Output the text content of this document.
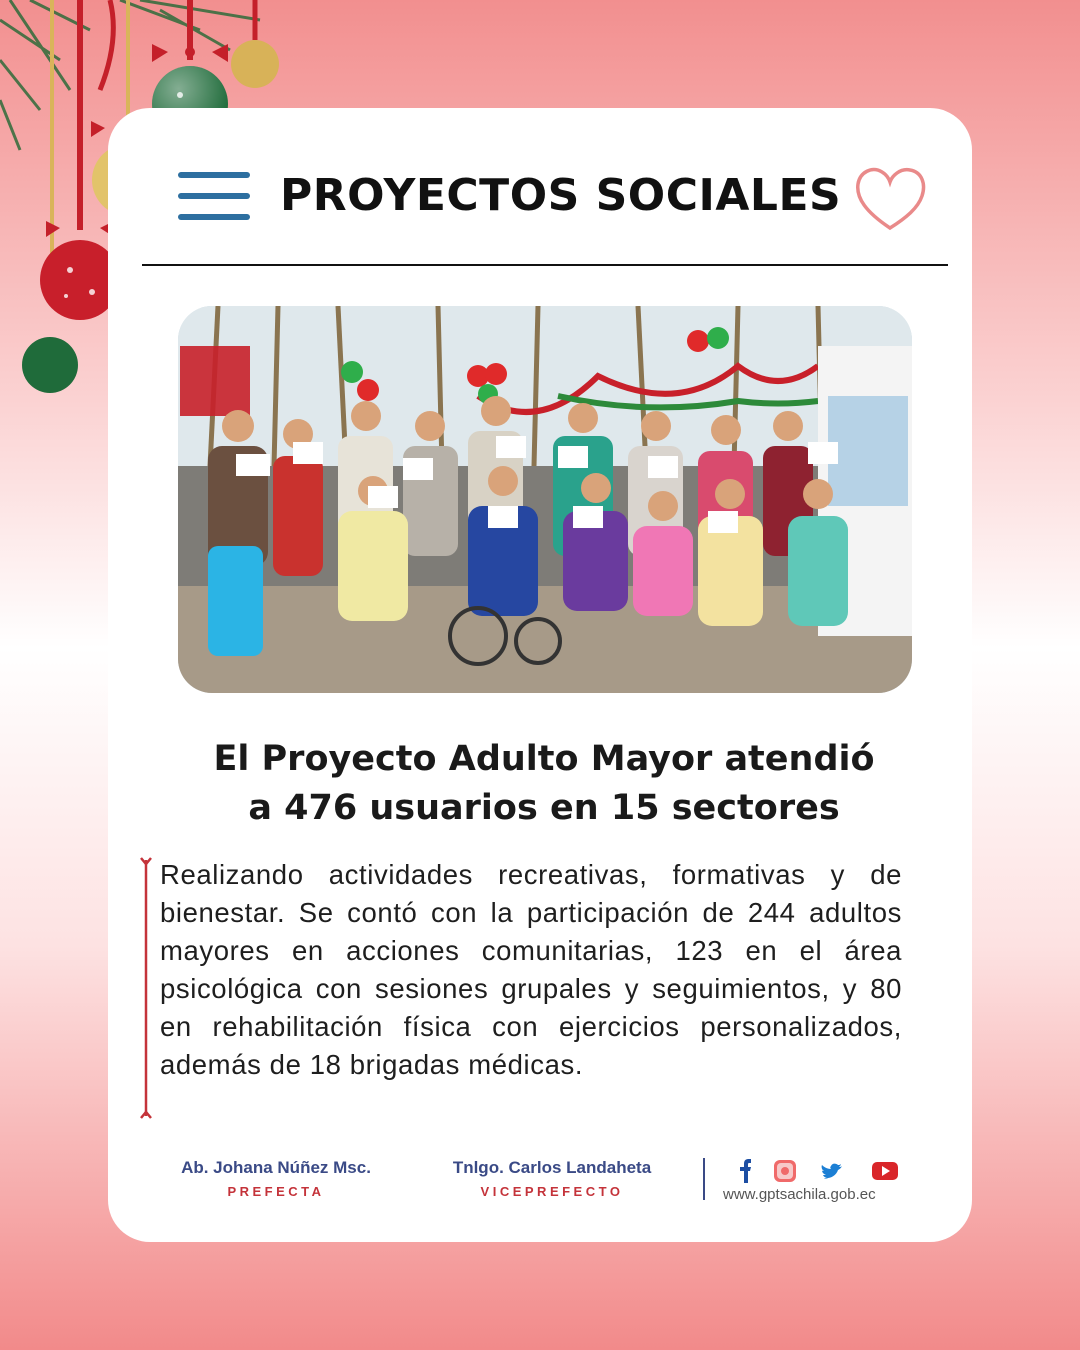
PROYECTOS SOCIALES
El Proyecto Adulto Mayor atendió
a 476 usuarios en 15 sectores
Realizando actividades recreativas, formativas y de bienestar. Se contó con la participación de 244 adultos mayores en acciones comunitarias, 123 en el área psicológica con sesiones grupales y seguimientos, y 80 en rehabilitación física con ejercicios personalizados, además de 18 brigadas médicas.
Ab. Johana Núñez Msc.
PREFECTA
Tnlgo. Carlos Landaheta
VICEPREFECTO	www.gptsachila.gob.ec
